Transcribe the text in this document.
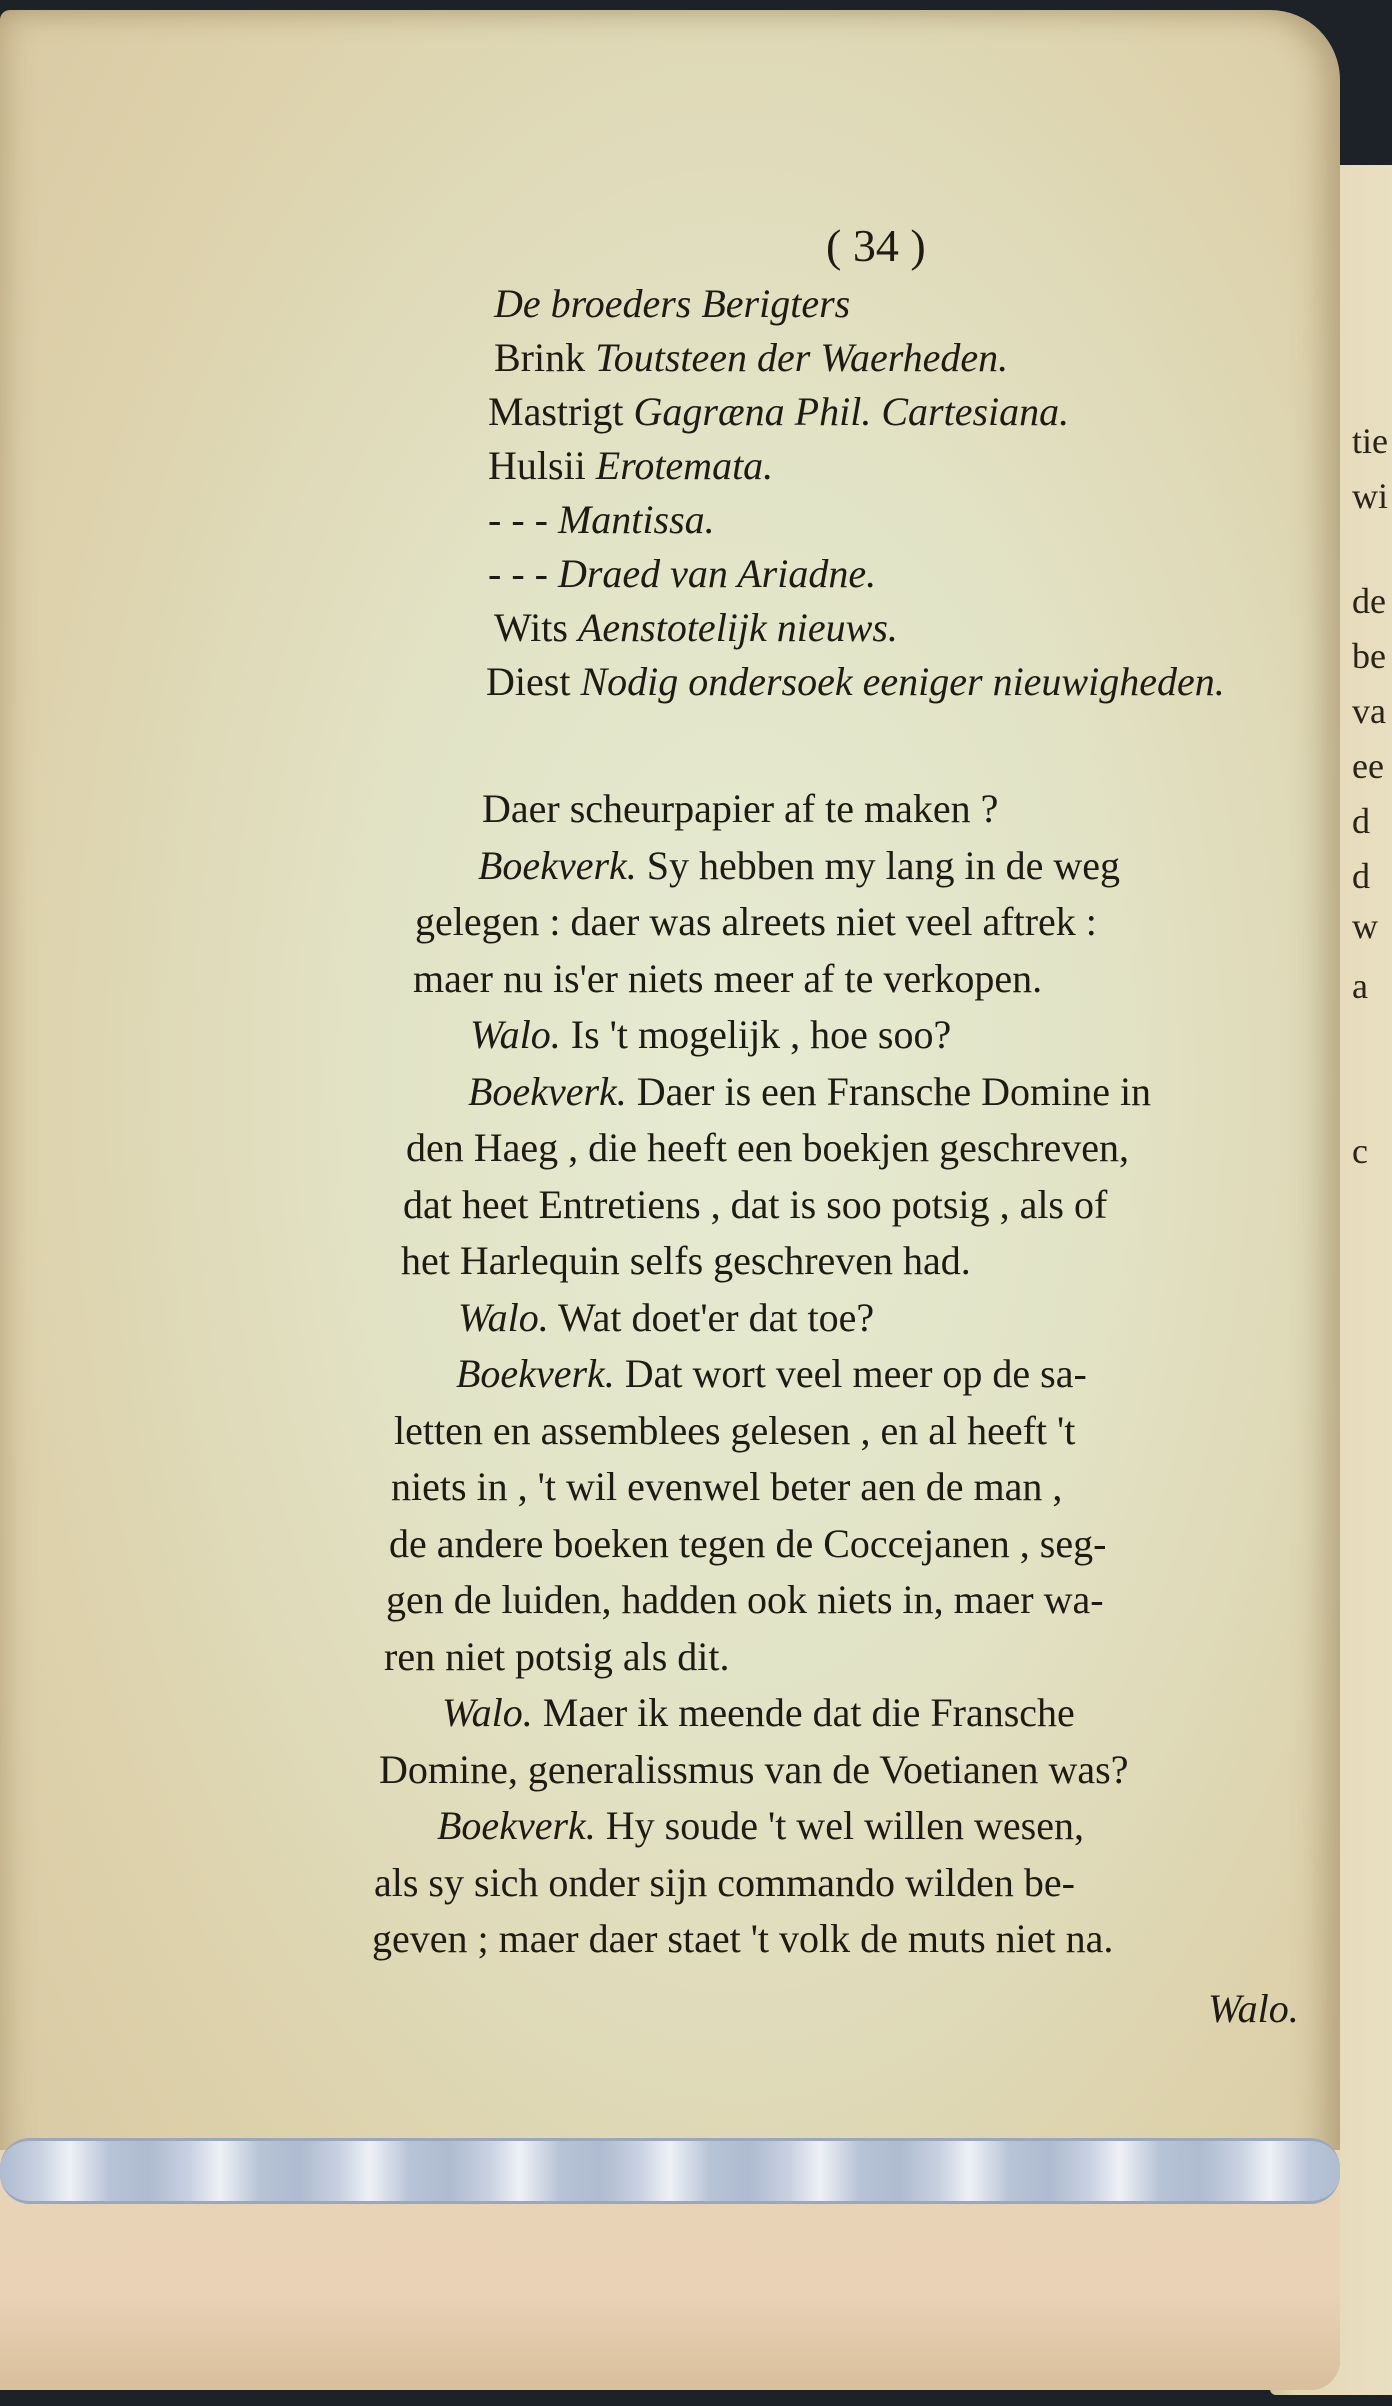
tie
wi
de
be
va
ee
d
d
w
a
c
( 34 )
De broeders Berigters
Brink Toutsteen der Waerheden.
Mastrigt Gagræna Phil. Cartesiana.
Hulsii Erotemata.
- - - Mantissa.
- - - Draed van Ariadne.
Wits Aenstotelijk nieuws.
Diest Nodig ondersoek eeniger nieuwigheden.
Daer scheurpapier af te maken ?
Boekverk. Sy hebben my lang in de weg
gelegen : daer was alreets niet veel aftrek :
maer nu is'er niets meer af te verkopen.
Walo. Is 't mogelijk , hoe soo?
Boekverk. Daer is een Fransche Domine in
den Haeg , die heeft een boekjen geschreven,
dat heet Entretiens , dat is soo potsig , als of
het Harlequin selfs geschreven had.
Walo. Wat doet'er dat toe?
Boekverk. Dat wort veel meer op de sa-
letten en assemblees gelesen , en al heeft 't
niets in , 't wil evenwel beter aen de man ,
de andere boeken tegen de Coccejanen , seg-
gen de luiden, hadden ook niets in, maer wa-
ren niet potsig als dit.
Walo. Maer ik meende dat die Fransche
Domine, generalissmus van de Voetianen was?
Boekverk. Hy soude 't wel willen wesen,
als sy sich onder sijn commando wilden be-
geven ; maer daer staet 't volk de muts niet na.
Walo.
